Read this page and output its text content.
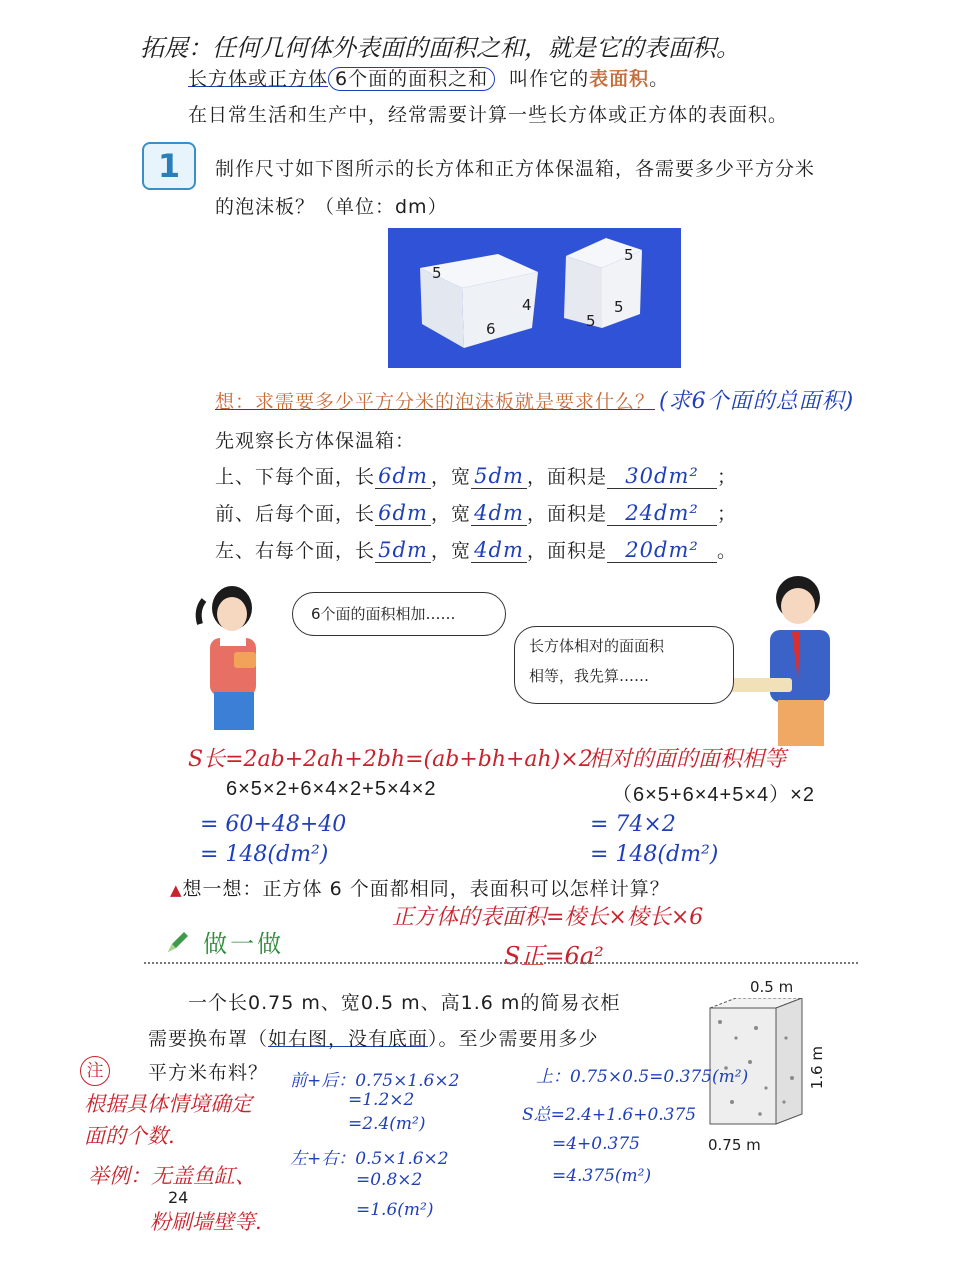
拓展：任何几何体外表面的面积之和，就是它的表面积。
长方体或正方体 6个面的面积之和 叫作它的表面积。
在日常生活和生产中，经常需要计算一些长方体或正方体的表面积。
1	制作尺寸如下图所示的长方体和正方体保温箱，各需要多少平方分米
的泡沫板？（单位：dm）
5
4
6
5
5
5
想：求需要多少平方分米的泡沫板就是要求什么？ (求6个面的总面积)
先观察长方体保温箱：
上、下每个面，长 6dm ，宽 5dm ，面积是 30dm² ；
前、后每个面，长 6dm ，宽 4dm ，面积是 24dm² ；
左、右每个面，长 5dm ，宽 4dm ，面积是 20dm² 。
6个面的面积相加……
长方体相对的面面积
相等，我先算……
S长=2ab+2ah+2bh=(ab+bh+ah)×2
6×5×2+6×4×2+5×4×2
= 60+48+40
= 148(dm²)
相对的面的面积相等
（6×5+6×4+5×4）×2
= 74×2
= 148(dm²)
▲想一想：正方体 6 个面都相同，表面积可以怎样计算？
正方体的表面积=棱长×棱长×6
S正=6a²
做一做
一个长0.75 m、宽0.5 m、高1.6 m的简易衣柜
需要换布罩（如右图，没有底面）。至少需要用多少
平方米布料？
0.5 m
1.6 m
0.75 m
注
根据具体情境确定
面的个数.
举例：无盖鱼缸、
粉刷墙壁等.
前+后：0.75×1.6×2
=1.2×2
=2.4(m²)
左+右：0.5×1.6×2
=0.8×2
=1.6(m²)
上：0.75×0.5=0.375(m²)
S总=2.4+1.6+0.375
=4+0.375
=4.375(m²)
24
